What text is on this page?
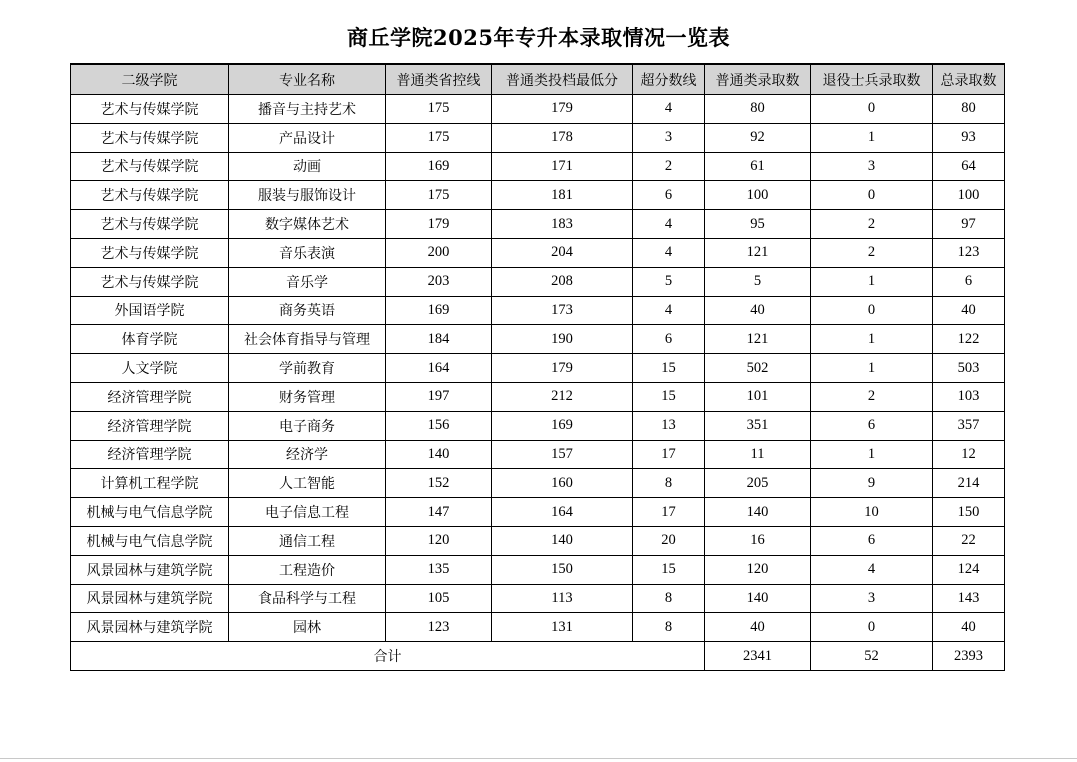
商丘学院2025年专升本录取情况一览表
二级学院	专业名称	普通类省控线	普通类投档最低分	超分数线	普通类录取数	退役士兵录取数	总录取数
艺术与传媒学院	播音与主持艺术	175	179	4	80	0	80
艺术与传媒学院	产品设计	175	178	3	92	1	93
艺术与传媒学院	动画	169	171	2	61	3	64
艺术与传媒学院	服装与服饰设计	175	181	6	100	0	100
艺术与传媒学院	数字媒体艺术	179	183	4	95	2	97
艺术与传媒学院	音乐表演	200	204	4	121	2	123
艺术与传媒学院	音乐学	203	208	5	5	1	6
外国语学院	商务英语	169	173	4	40	0	40
体育学院	社会体育指导与管理	184	190	6	121	1	122
人文学院	学前教育	164	179	15	502	1	503
经济管理学院	财务管理	197	212	15	101	2	103
经济管理学院	电子商务	156	169	13	351	6	357
经济管理学院	经济学	140	157	17	11	1	12
计算机工程学院	人工智能	152	160	8	205	9	214
机械与电气信息学院	电子信息工程	147	164	17	140	10	150
机械与电气信息学院	通信工程	120	140	20	16	6	22
风景园林与建筑学院	工程造价	135	150	15	120	4	124
风景园林与建筑学院	食品科学与工程	105	113	8	140	3	143
风景园林与建筑学院	园林	123	131	8	40	0	40
合计					2341	52	2393
